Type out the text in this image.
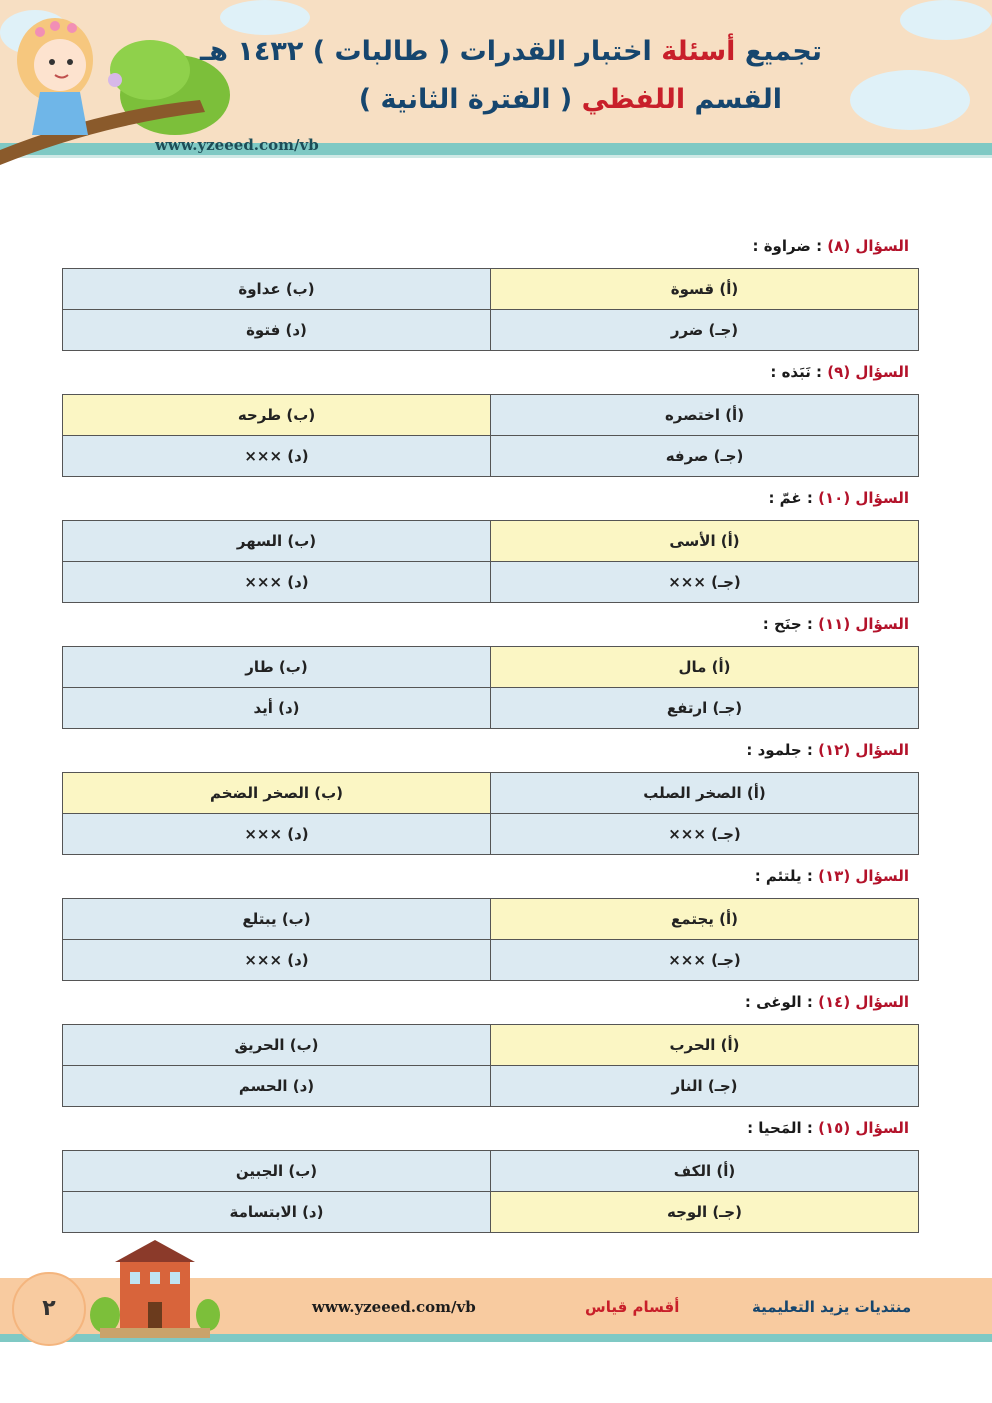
تجميع أسئلة اختبار القدرات ( طالبات ) ١٤٣٢ هـ
القسم اللفظي ( الفترة الثانية )
www.yzeeed.com/vb
السؤال (٨) : ضراوة :
(أ) قسوة	(ب) عداوة
(جـ) ضرر	(د) فتوة
السؤال (٩) : نَبَذه :
(أ) اختصره	(ب) طرحه
(جـ) صرفه	(د) ×××
السؤال (١٠) : غمّ :
(أ) الأسى	(ب) السهر
(جـ) ×××	(د) ×××
السؤال (١١) : جنَح :
(أ) مال	(ب) طار
(جـ) ارتفع	(د) أيد
السؤال (١٢) : جلمود :
(أ) الصخر الصلب	(ب) الصخر الضخم
(جـ) ×××	(د) ×××
السؤال (١٣) : يلتئم :
(أ) يجتمع	(ب) يبتلع
(جـ) ×××	(د) ×××
السؤال (١٤) : الوغى :
(أ) الحرب	(ب) الحريق
(جـ) النار	(د) الحسم
السؤال (١٥) : المَحيا :
(أ) الكف	(ب) الجبين
(جـ) الوجه	(د) الابتسامة
٢	www.yzeeed.com/vb	أقسام قياس	منتديات يزيد التعليمية
